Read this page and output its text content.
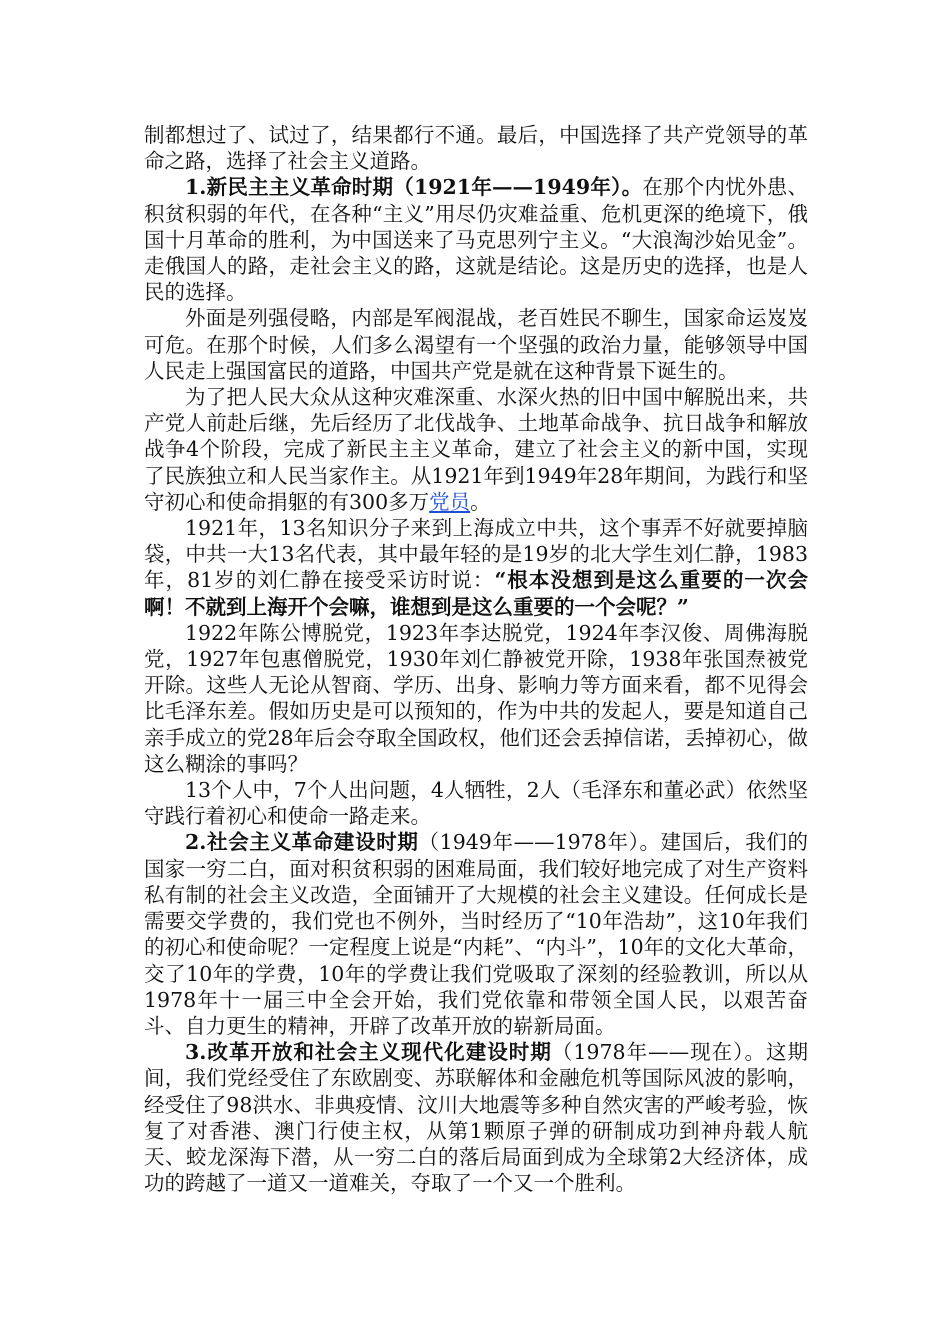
制都想过了、试过了，结果都行不通。最后，中国选择了共产党领导的革命之路，选择了社会主义道路。

1.新民主主义革命时期（1921年——1949年）。在那个内忧外患、积贫积弱的年代，在各种“主义”用尽仍灾难益重、危机更深的绝境下，俄国十月革命的胜利，为中国送来了马克思列宁主义。“大浪淘沙始见金”。走俄国人的路，走社会主义的路，这就是结论。这是历史的选择，也是人民的选择。

外面是列强侵略，内部是军阀混战，老百姓民不聊生，国家命运岌岌可危。在那个时候，人们多么渴望有一个坚强的政治力量，能够领导中国人民走上强国富民的道路，中国共产党是就在这种背景下诞生的。

为了把人民大众从这种灾难深重、水深火热的旧中国中解脱出来，共产党人前赴后继，先后经历了北伐战争、土地革命战争、抗日战争和解放战争4个阶段，完成了新民主主义革命，建立了社会主义的新中国，实现了民族独立和人民当家作主。从1921年到1949年28年期间，为践行和坚守初心和使命捐躯的有300多万党员。

1921年，13名知识分子来到上海成立中共，这个事弄不好就要掉脑袋，中共一大13名代表，其中最年轻的是19岁的北大学生刘仁静，1983年，81岁的刘仁静在接受采访时说：“根本没想到是这么重要的一次会啊！不就到上海开个会嘛，谁想到是这么重要的一个会呢？”

1922年陈公博脱党，1923年李达脱党，1924年李汉俊、周佛海脱党，1927年包惠僧脱党，1930年刘仁静被党开除，1938年张国焘被党开除。这些人无论从智商、学历、出身、影响力等方面来看，都不见得会比毛泽东差。假如历史是可以预知的，作为中共的发起人，要是知道自己亲手成立的党28年后会夺取全国政权，他们还会丢掉信诺，丢掉初心，做这么糊涂的事吗？

13个人中，7个人出问题，4人牺牲，2人（毛泽东和董必武）依然坚守践行着初心和使命一路走来。

2.社会主义革命建设时期（1949年——1978年）。建国后，我们的国家一穷二白，面对积贫积弱的困难局面，我们较好地完成了对生产资料私有制的社会主义改造，全面铺开了大规模的社会主义建设。任何成长是需要交学费的，我们党也不例外，当时经历了“10年浩劫”，这10年我们的初心和使命呢？一定程度上说是“内耗”、“内斗”，10年的文化大革命，交了10年的学费，10年的学费让我们党吸取了深刻的经验教训，所以从1978年十一届三中全会开始，我们党依靠和带领全国人民，以艰苦奋斗、自力更生的精神，开辟了改革开放的崭新局面。

3.改革开放和社会主义现代化建设时期（1978年——现在）。这期间，我们党经受住了东欧剧变、苏联解体和金融危机等国际风波的影响，经受住了98洪水、非典疫情、汶川大地震等多种自然灾害的严峻考验，恢复了对香港、澳门行使主权，从第1颗原子弹的研制成功到神舟载人航天、蛟龙深海下潜，从一穷二白的落后局面到成为全球第2大经济体，成功的跨越了一道又一道难关，夺取了一个又一个胜利。
